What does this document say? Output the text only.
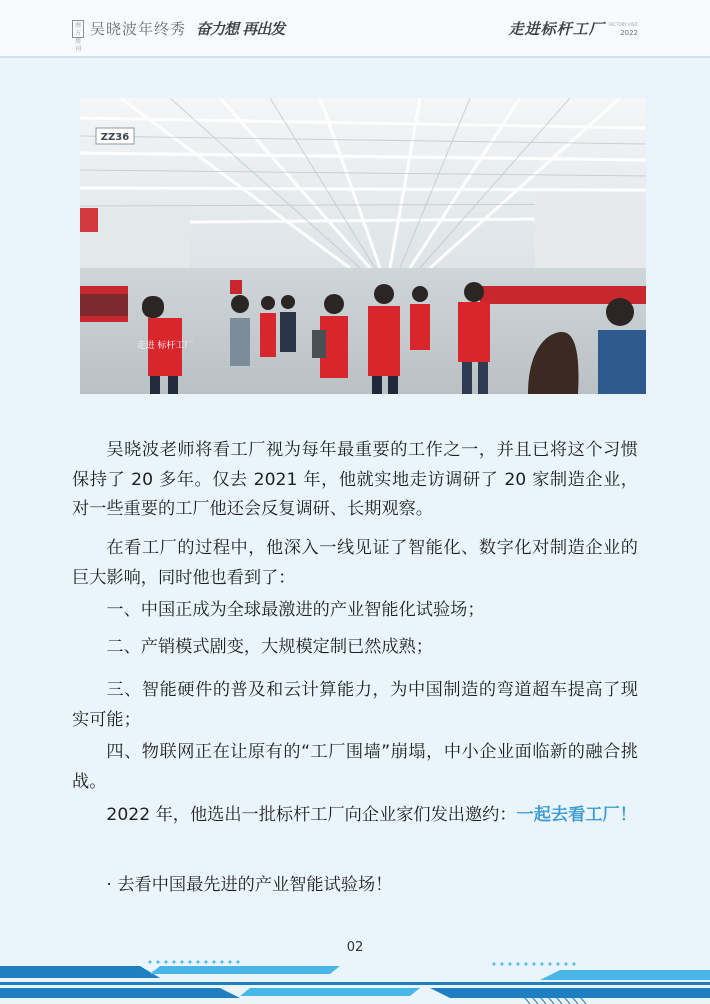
南方周刊
吴晓波年终秀 奋力想 再出发	走进标杆工厂 FACTORY VISIT
2022
ZZ36
走进 标杆工厂

吴晓波老师将看工厂视为每年最重要的工作之一，并且已将这个习惯保持了 20 多年。仅去 2021 年，他就实地走访调研了 20 家制造企业，对一些重要的工厂他还会反复调研、长期观察。

在看工厂的过程中，他深入一线见证了智能化、数字化对制造企业的巨大影响，同时他也看到了：

一、中国正成为全球最激进的产业智能化试验场；

二、产销模式剧变，大规模定制已然成熟；

三、智能硬件的普及和云计算能力，为中国制造的弯道超车提高了现实可能；

四、物联网正在让原有的“工厂围墙”崩塌，中小企业面临新的融合挑战。

2022 年，他选出一批标杆工厂向企业家们发出邀约：一起去看工厂！

· 去看中国最先进的产业智能试验场！

02
